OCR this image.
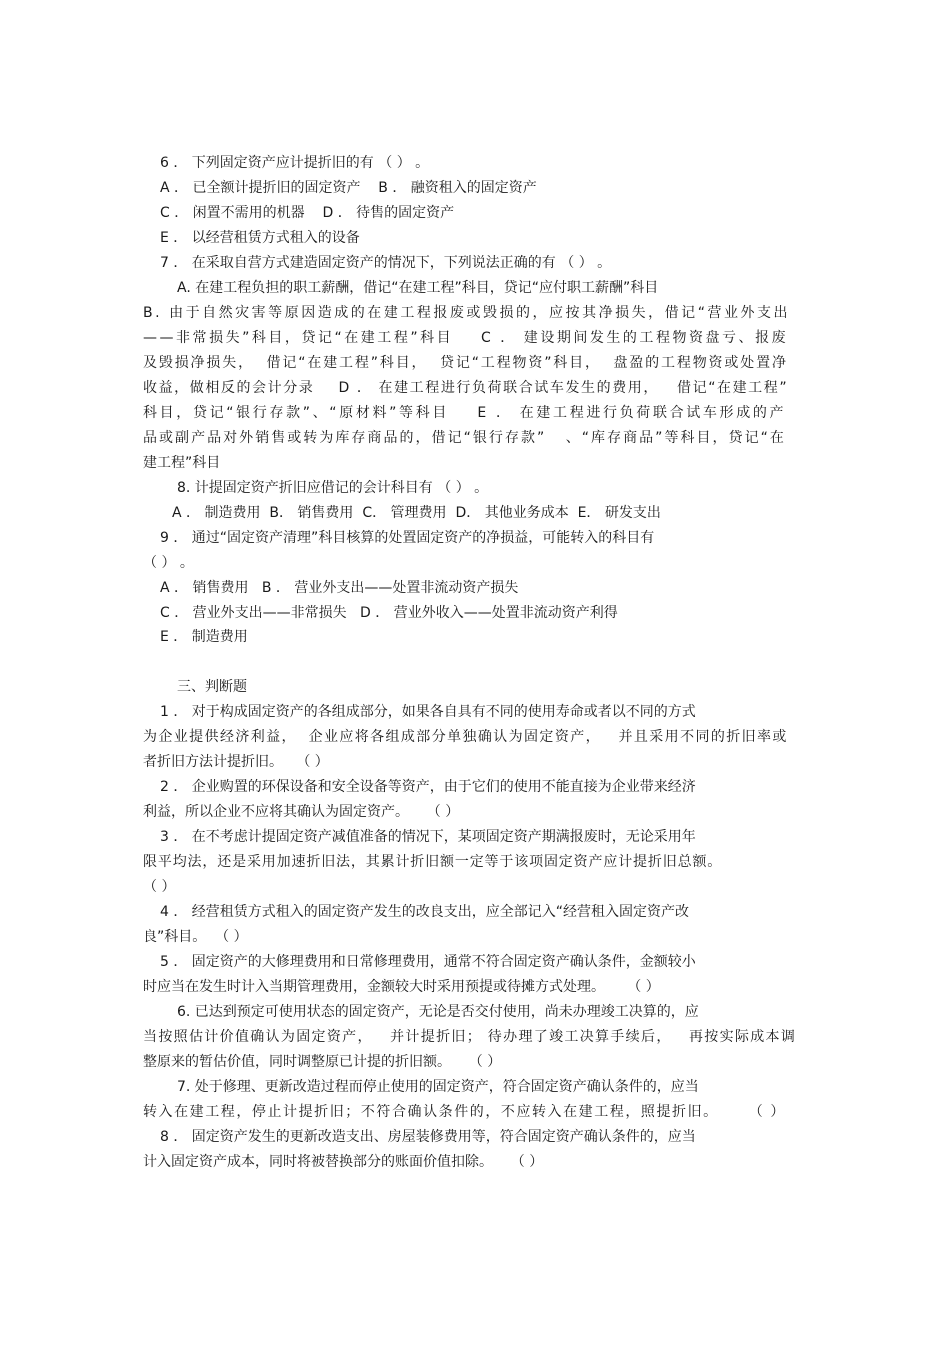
6 ． 下列固定资产应计提折旧的有 （ ） 。
A ． 已全额计提折旧的固定资产    B ． 融资租入的固定资产
C ． 闲置不需用的机器    D ． 待售的固定资产
E ． 以经营租赁方式租入的设备
7 ． 在采取自营方式建造固定资产的情况下，下列说法正确的有 （ ） 。
A. 在建工程负担的职工薪酬，借记“在建工程”科目，贷记“应付职工薪酬”科目
B. 由于自然灾害等原因造成的在建工程报废或毁损的，应按其净损失，借记“营业外支出
——非常损失”科目，贷记“在建工程”科目    C ． 建设期间发生的工程物资盘亏、报废
及毁损净损失，  借记“在建工程”科目，  贷记“工程物资”科目，  盘盈的工程物资或处置净
收益，做相反的会计分录    D ． 在建工程进行负荷联合试车发生的费用，   借记“在建工程”
科目，贷记“银行存款”、“原材料”等科目    E ． 在建工程进行负荷联合试车形成的产
品或副产品对外销售或转为库存商品的，借记“银行存款”   、“库存商品”等科目，贷记“在
建工程”科目
8. 计提固定资产折旧应借记的会计科目有 （ ） 。
A ． 制造费用  B． 销售费用  C． 管理费用  D． 其他业务成本  E． 研发支出
9 ． 通过“固定资产清理”科目核算的处置固定资产的净损益，可能转入的科目有
（ ） 。
A ． 销售费用   B ． 营业外支出——处置非流动资产损失
C ． 营业外支出——非常损失   D ． 营业外收入——处置非流动资产利得
E ． 制造费用
三、判断题
1 ． 对于构成固定资产的各组成部分，如果各自具有不同的使用寿命或者以不同的方式
为企业提供经济利益，  企业应将各组成部分单独确认为固定资产，   并且采用不同的折旧率或
者折旧方法计提折旧。   （ ）
2 ． 企业购置的环保设备和安全设备等资产，由于它们的使用不能直接为企业带来经济
利益，所以企业不应将其确认为固定资产。    （ ）
3 ． 在不考虑计提固定资产减值准备的情况下，某项固定资产期满报废时，无论采用年
限平均法，还是采用加速折旧法，其累计折旧额一定等于该项固定资产应计提折旧总额。
（ ）
4 ． 经营租赁方式租入的固定资产发生的改良支出，应全部记入“经营租入固定资产改
良”科目。  （ ）
5 ． 固定资产的大修理费用和日常修理费用，通常不符合固定资产确认条件，金额较小
时应当在发生时计入当期管理费用，金额较大时采用预提或待摊方式处理。     （ ）
6. 已达到预定可使用状态的固定资产，无论是否交付使用，尚未办理竣工决算的，应
当按照估计价值确认为固定资产，   并计提折旧； 待办理了竣工决算手续后，   再按实际成本调
整原来的暂估价值，同时调整原已计提的折旧额。    （ ）
7. 处于修理、更新改造过程而停止使用的固定资产，符合固定资产确认条件的，应当
转入在建工程，停止计提折旧；不符合确认条件的，不应转入在建工程，照提折旧。     （ ）
8 ． 固定资产发生的更新改造支出、房屋装修费用等，符合固定资产确认条件的，应当
计入固定资产成本，同时将被替换部分的账面价值扣除。    （ ）
